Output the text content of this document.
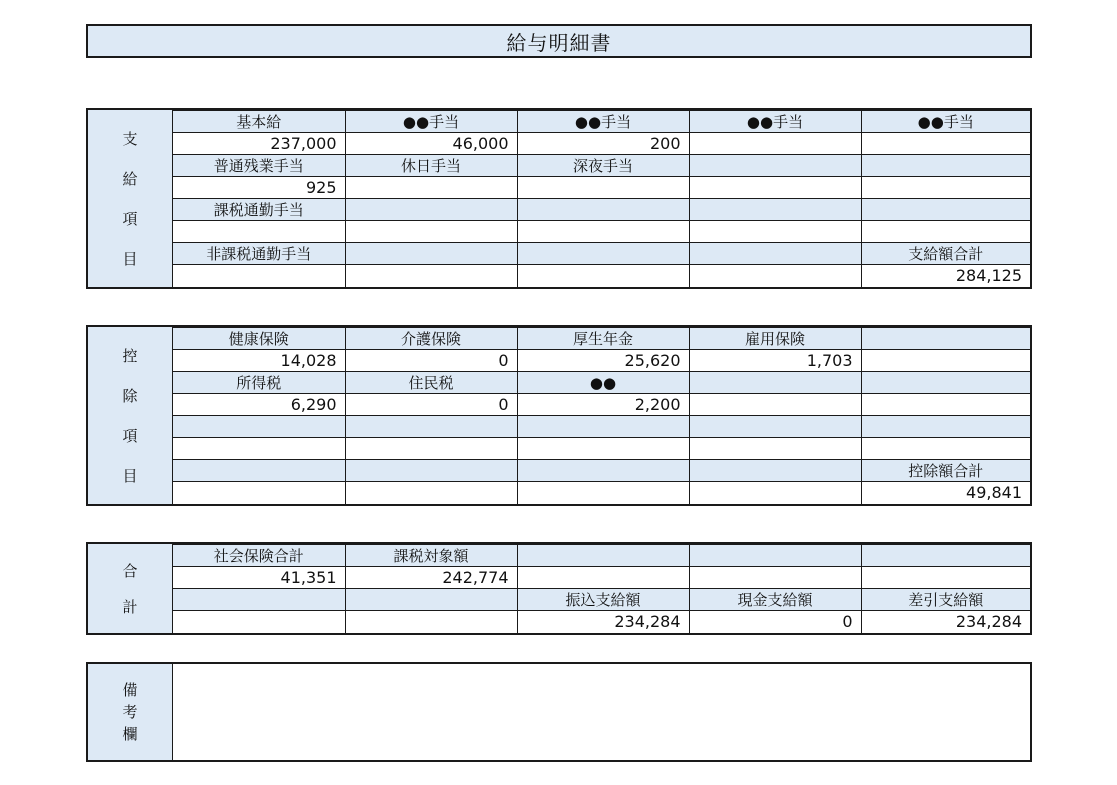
給与明細書
支
給
項
目
基本給	●●手当	●●手当	●●手当	●●手当
237,000	46,000	200		
普通残業手当	休日手当	深夜手当		
925				
課税通勤手当				

非課税通勤手当				支給額合計
				284,125
控
除
項
目
健康保険	介護保険	厚生年金	雇用保険	
14,028	0	25,620	1,703	
所得税	住民税	●●		
6,290	0	2,200		

				控除額合計
				49,841
合
計
社会保険合計	課税対象額			
41,351	242,774			
		振込支給額	現金支給額	差引支給額
		234,284	0	234,284
備
考
欄
